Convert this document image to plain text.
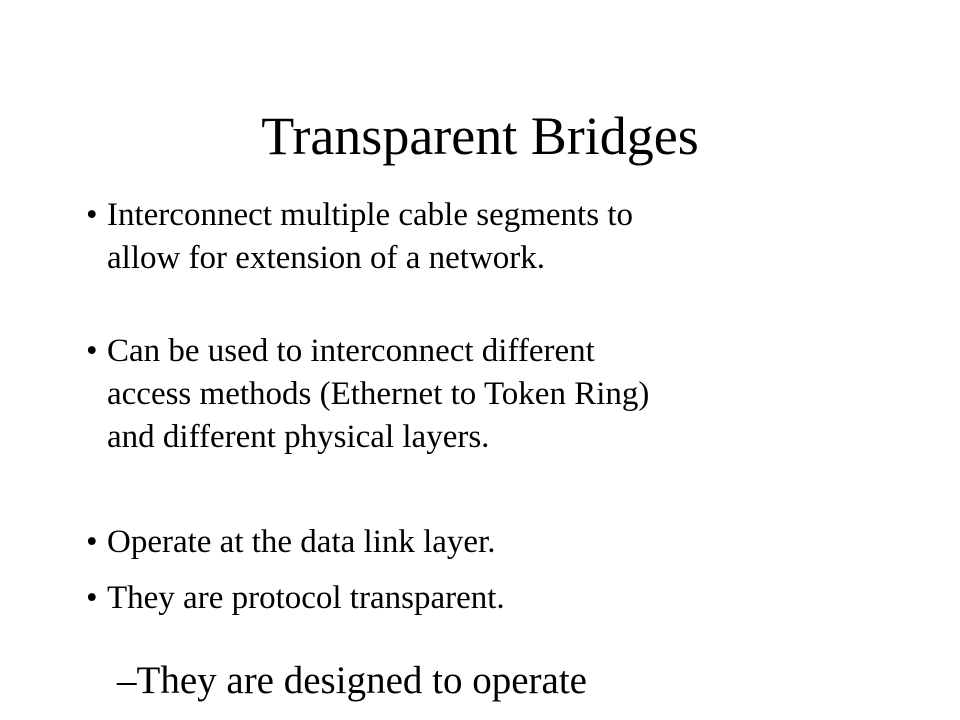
Transparent Bridges
• Interconnect multiple cable segments to
allow for extension of a network.
• Can be used to interconnect different
access methods (Ethernet to Token Ring)
and different physical layers.
• Operate at the data link layer.
• They are protocol transparent.
–They are designed to operate
